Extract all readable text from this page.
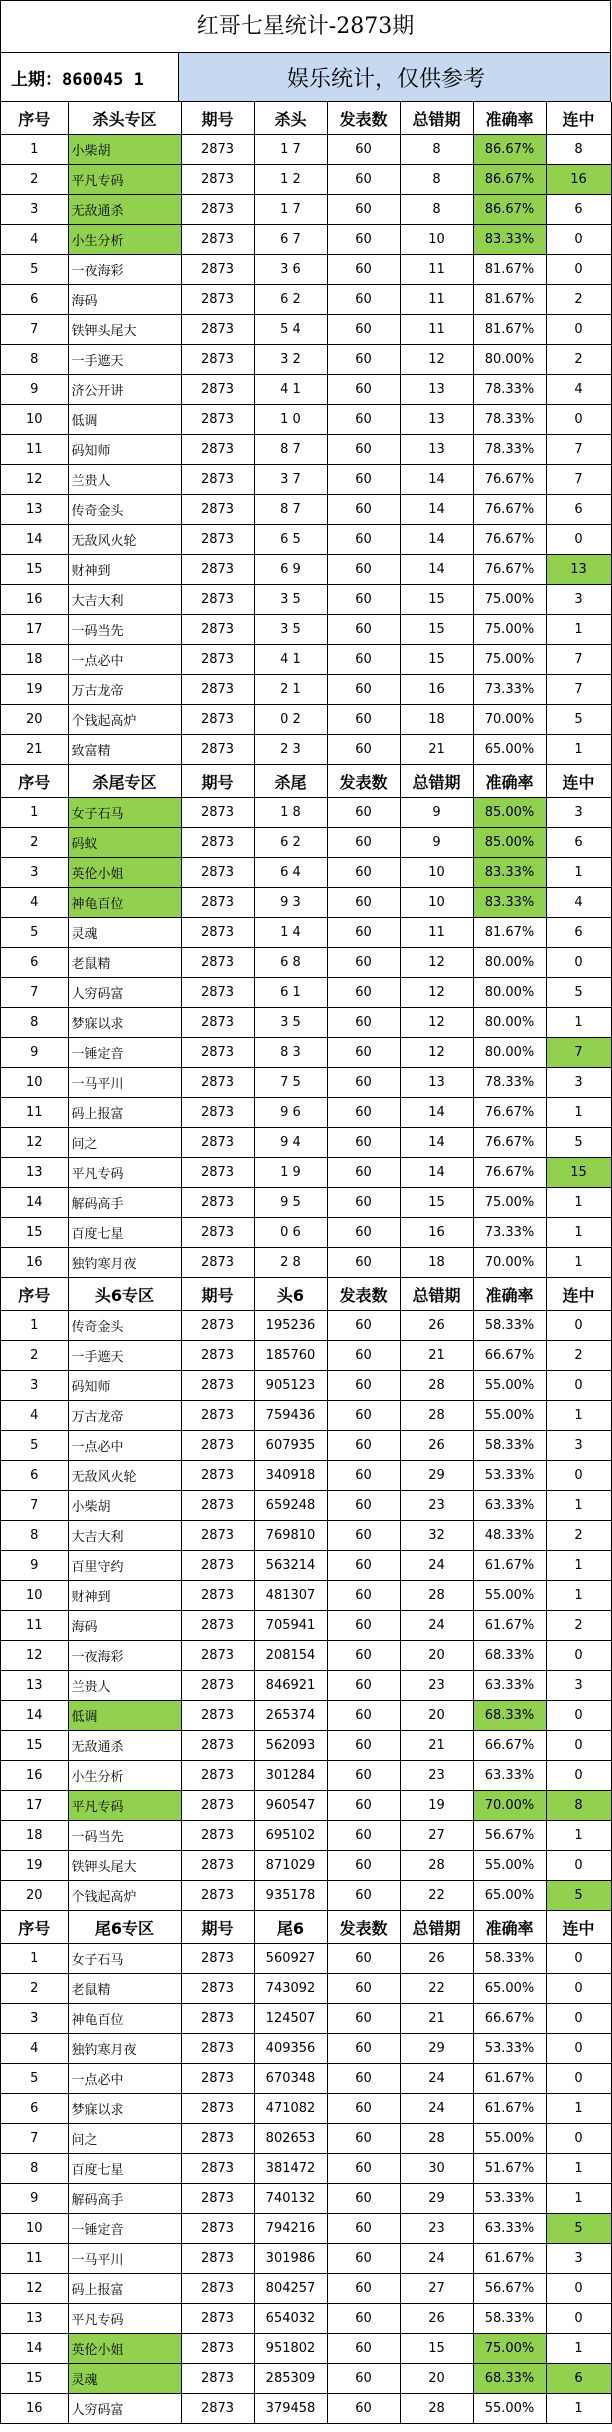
红哥七星统计-2873期
上期：860045 1	娱乐统计，仅供参考
序号	杀头专区	期号	杀头	发表数	总错期	准确率	连中
1	小柴胡	2873	1 7	60	8	86.67%	8
2	平凡专码	2873	1 2	60	8	86.67%	16
3	无敌通杀	2873	1 7	60	8	86.67%	6
4	小生分析	2873	6 7	60	10	83.33%	0
5	一夜海彩	2873	3 6	60	11	81.67%	0
6	海码	2873	6 2	60	11	81.67%	2
7	铁钾头尾大	2873	5 4	60	11	81.67%	0
8	一手遮天	2873	3 2	60	12	80.00%	2
9	济公开讲	2873	4 1	60	13	78.33%	4
10	低调	2873	1 0	60	13	78.33%	0
11	码知师	2873	8 7	60	13	78.33%	7
12	兰贵人	2873	3 7	60	14	76.67%	7
13	传奇金头	2873	8 7	60	14	76.67%	6
14	无敌风火轮	2873	6 5	60	14	76.67%	0
15	财神到	2873	6 9	60	14	76.67%	13
16	大吉大利	2873	3 5	60	15	75.00%	3
17	一码当先	2873	3 5	60	15	75.00%	1
18	一点必中	2873	4 1	60	15	75.00%	7
19	万古龙帝	2873	2 1	60	16	73.33%	7
20	个钱起高炉	2873	0 2	60	18	70.00%	5
21	致富精	2873	2 3	60	21	65.00%	1
序号	杀尾专区	期号	杀尾	发表数	总错期	准确率	连中
1	女子石马	2873	1 8	60	9	85.00%	3
2	码蚁	2873	6 2	60	9	85.00%	6
3	英伦小姐	2873	6 4	60	10	83.33%	1
4	神龟百位	2873	9 3	60	10	83.33%	4
5	灵魂	2873	1 4	60	11	81.67%	6
6	老鼠精	2873	6 8	60	12	80.00%	0
7	人穷码富	2873	6 1	60	12	80.00%	5
8	梦寐以求	2873	3 5	60	12	80.00%	1
9	一锤定音	2873	8 3	60	12	80.00%	7
10	一马平川	2873	7 5	60	13	78.33%	3
11	码上报富	2873	9 6	60	14	76.67%	1
12	问之	2873	9 4	60	14	76.67%	5
13	平凡专码	2873	1 9	60	14	76.67%	15
14	解码高手	2873	9 5	60	15	75.00%	1
15	百度七星	2873	0 6	60	16	73.33%	1
16	独钓寒月夜	2873	2 8	60	18	70.00%	1
序号	头6专区	期号	头6	发表数	总错期	准确率	连中
1	传奇金头	2873	195236	60	26	58.33%	0
2	一手遮天	2873	185760	60	21	66.67%	2
3	码知师	2873	905123	60	28	55.00%	0
4	万古龙帝	2873	759436	60	28	55.00%	1
5	一点必中	2873	607935	60	26	58.33%	3
6	无敌风火轮	2873	340918	60	29	53.33%	0
7	小柴胡	2873	659248	60	23	63.33%	1
8	大吉大利	2873	769810	60	32	48.33%	2
9	百里守约	2873	563214	60	24	61.67%	1
10	财神到	2873	481307	60	28	55.00%	1
11	海码	2873	705941	60	24	61.67%	2
12	一夜海彩	2873	208154	60	20	68.33%	0
13	兰贵人	2873	846921	60	23	63.33%	3
14	低调	2873	265374	60	20	68.33%	0
15	无敌通杀	2873	562093	60	21	66.67%	0
16	小生分析	2873	301284	60	23	63.33%	0
17	平凡专码	2873	960547	60	19	70.00%	8
18	一码当先	2873	695102	60	27	56.67%	1
19	铁钾头尾大	2873	871029	60	28	55.00%	0
20	个钱起高炉	2873	935178	60	22	65.00%	5
序号	尾6专区	期号	尾6	发表数	总错期	准确率	连中
1	女子石马	2873	560927	60	26	58.33%	0
2	老鼠精	2873	743092	60	22	65.00%	0
3	神龟百位	2873	124507	60	21	66.67%	0
4	独钓寒月夜	2873	409356	60	29	53.33%	0
5	一点必中	2873	670348	60	24	61.67%	0
6	梦寐以求	2873	471082	60	24	61.67%	1
7	问之	2873	802653	60	28	55.00%	0
8	百度七星	2873	381472	60	30	51.67%	1
9	解码高手	2873	740132	60	29	53.33%	1
10	一锤定音	2873	794216	60	23	63.33%	5
11	一马平川	2873	301986	60	24	61.67%	3
12	码上报富	2873	804257	60	27	56.67%	0
13	平凡专码	2873	654032	60	26	58.33%	0
14	英伦小姐	2873	951802	60	15	75.00%	1
15	灵魂	2873	285309	60	20	68.33%	6
16	人穷码富	2873	379458	60	28	55.00%	1
